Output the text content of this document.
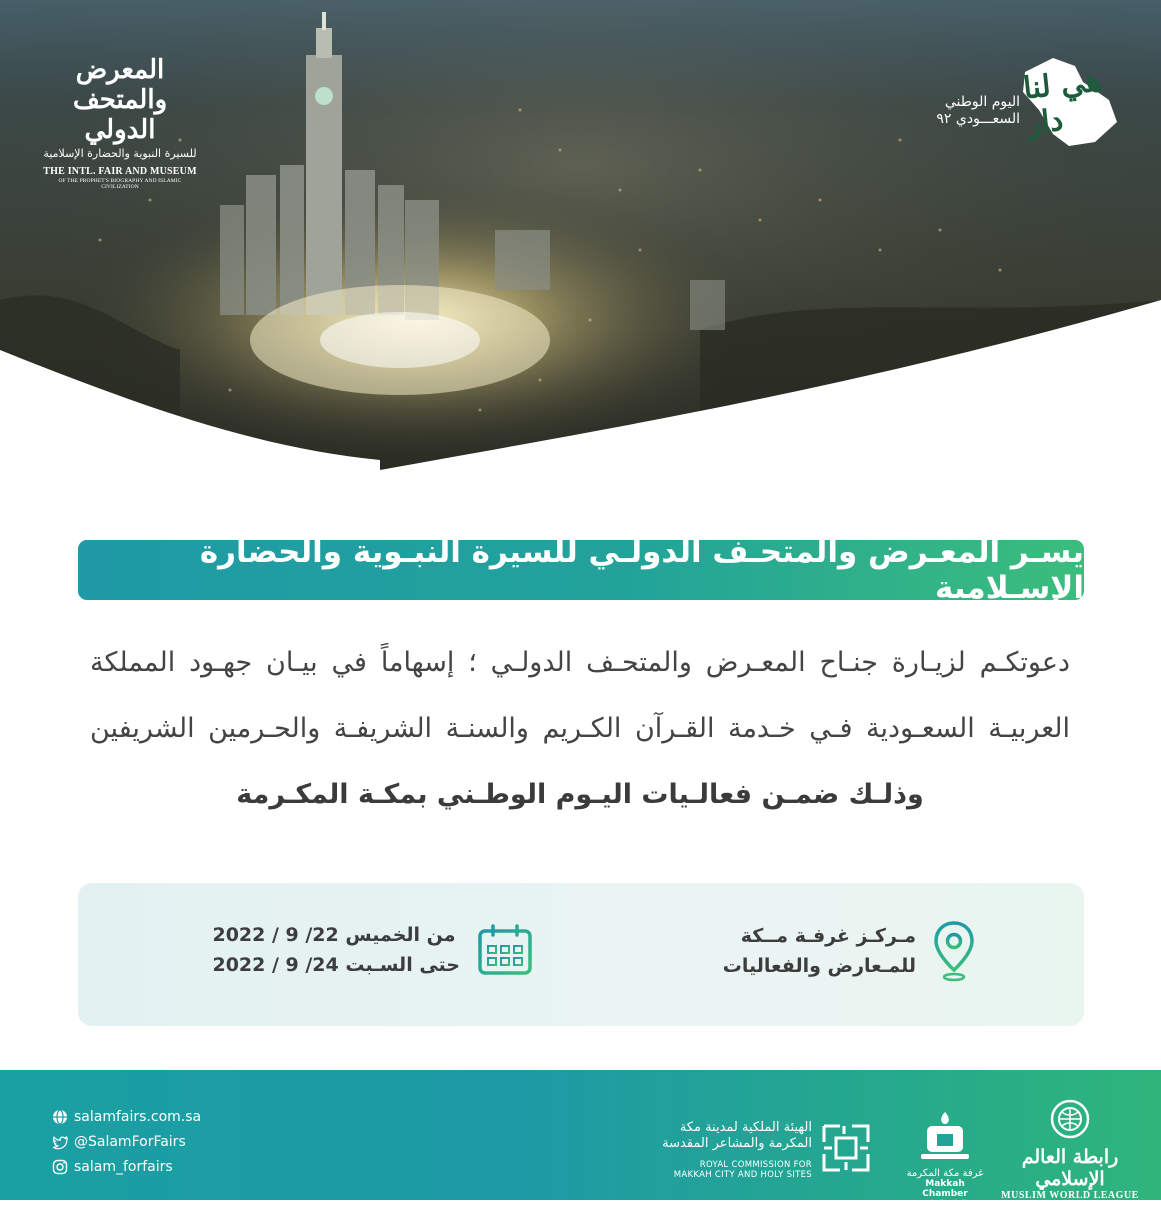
المعرض والمتحف الدولي
للسيرة النبوية والحضارة الإسلامية
THE INTL. FAIR AND MUSEUM
OF THE PROPHET'S BIOGRAPHY AND ISLAMIC CIVILIZATION
اليوم الوطني
السعـــودي ٩٢
هي لنا دار
يسـر المعـرض والمتحـف الدولـي للسيرة النبـوية والحضارة الإسـلامية
دعوتكـم لزيـارة جنـاح المعـرض والمتحـف الدولـي ؛ إسهاماً في بيـان جهـود المملكة
العربيـة السعـودية فـي خـدمة القـرآن الكـريم والسنـة الشريفـة والحـرمين الشريفين
وذلـك ضمـن فعالـيات اليـوم الوطـني بمكـة المكـرمة
مـركـز غرفـة مــكة
للمـعارض والفعاليات
2022 / 9 /22 من الخميس
2022 / 9 /24 حتى السـبت
salamfairs.com.sa
@SalamForFairs
salam_forfairs
الهيئة الملكية لمدينة مكة
المكرمة والمشاعر المقدسة
ROYAL COMMISSION FOR
MAKKAH CITY AND HOLY SITES	غرفة مكة المكرمة
Makkah Chamber
للتجارة والصناعة
رابطة العالم الإسلامي
MUSLIM WORLD LEAGUE
